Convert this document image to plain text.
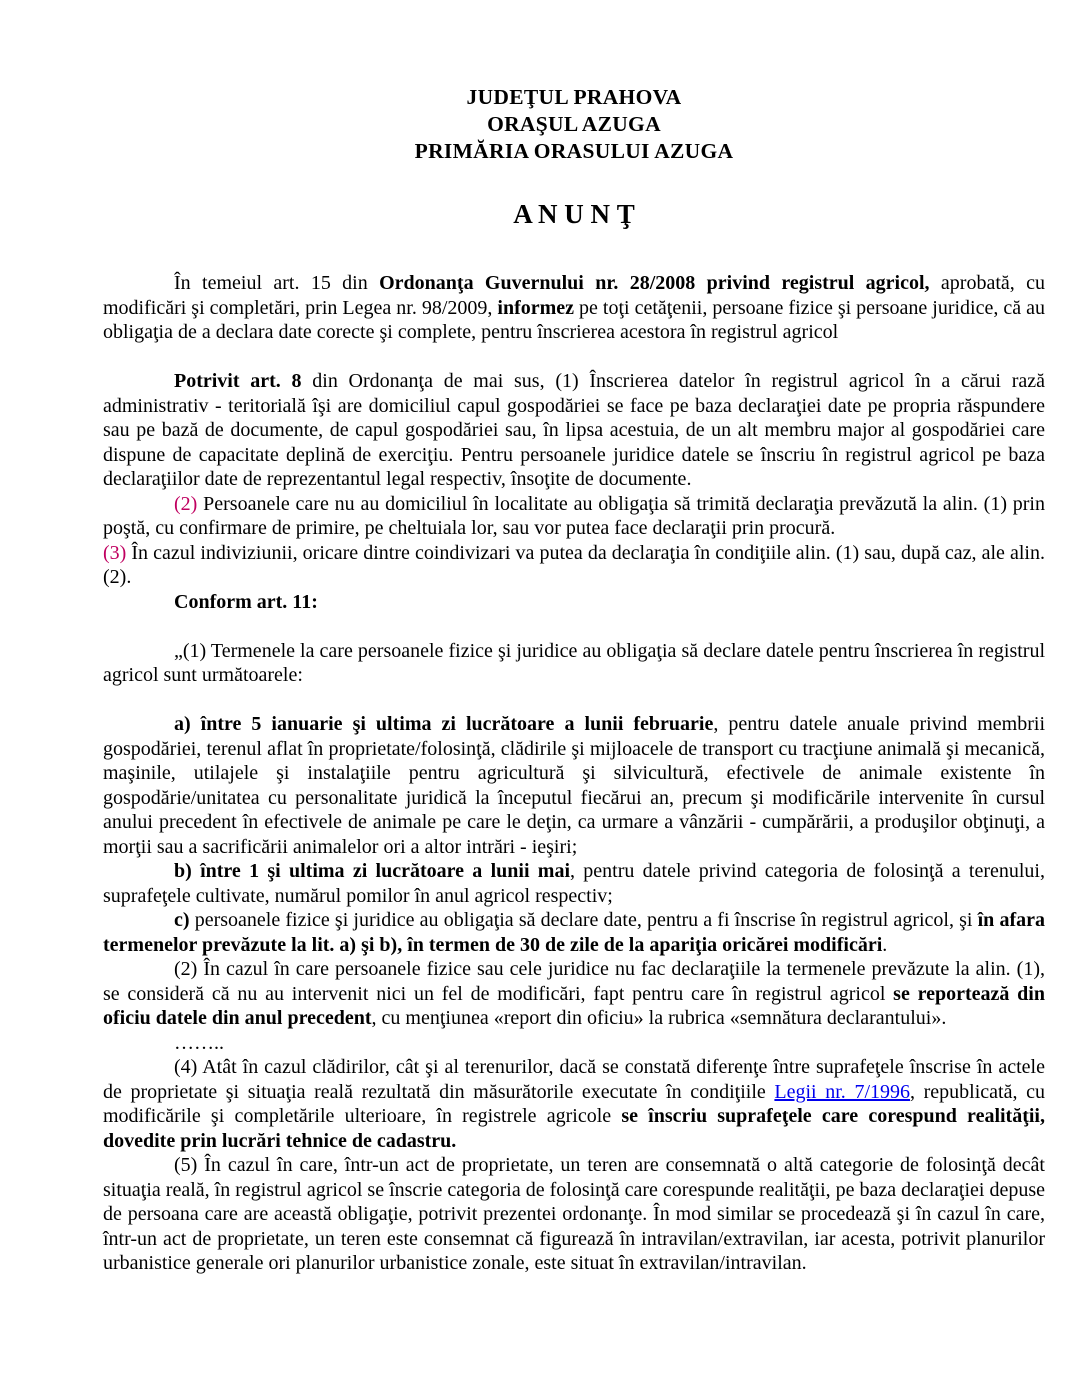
JUDEŢUL PRAHOVA
ORAŞUL AZUGA
PRIMĂRIA ORASULUI AZUGA
A N U N Ţ

În temeiul art. 15 din Ordonanţa Guvernului nr. 28/2008 privind registrul agricol, aprobată, cu modificări şi completări, prin Legea nr. 98/2009, informez pe toţi cetăţenii, persoane fizice şi persoane juridice, că au obligaţia de a declara date corecte şi complete, pentru înscrierea acestora în registrul agricol

Potrivit art. 8 din Ordonanţa de mai sus, (1) Înscrierea datelor în registrul agricol în a cărui rază administrativ - teritorială îşi are domiciliul capul gospodăriei se face pe baza declaraţiei date pe propria răspundere sau pe bază de documente, de capul gospodăriei sau, în lipsa acestuia, de un alt membru major al gospodăriei care dispune de capacitate deplină de exerciţiu. Pentru persoanele juridice datele se înscriu în registrul agricol pe baza declaraţiilor date de reprezentantul legal respectiv, însoţite de documente.

(2) Persoanele care nu au domiciliul în localitate au obligaţia să trimită declaraţia prevăzută la alin. (1) prin poştă, cu confirmare de primire, pe cheltuiala lor, sau vor putea face declaraţii prin procură.

(3) În cazul indiviziunii, oricare dintre coindivizari va putea da declaraţia în condiţiile alin. (1) sau, după caz, ale alin. (2).

Conform art. 11:

„(1) Termenele la care persoanele fizice şi juridice au obligaţia să declare datele pentru înscrierea în registrul agricol sunt următoarele:

a) între 5 ianuarie şi ultima zi lucrătoare a lunii februarie, pentru datele anuale privind membrii gospodăriei, terenul aflat în proprietate/folosinţă, clădirile şi mijloacele de transport cu tracţiune animală şi mecanică, maşinile, utilajele şi instalaţiile pentru agricultură şi silvicultură, efectivele de animale existente în gospodărie/unitatea cu personalitate juridică la începutul fiecărui an, precum şi modificările intervenite în cursul anului precedent în efectivele de animale pe care le deţin, ca urmare a vânzării - cumpărării, a produşilor obţinuţi, a morţii sau a sacrificării animalelor ori a altor intrări - ieşiri;

b) între 1 şi ultima zi lucrătoare a lunii mai, pentru datele privind categoria de folosinţă a terenului, suprafeţele cultivate, numărul pomilor în anul agricol respectiv;

c) persoanele fizice şi juridice au obligaţia să declare date, pentru a fi înscrise în registrul agricol, şi în afara termenelor prevăzute la lit. a) şi b), în termen de 30 de zile de la apariţia oricărei modificări.

(2) În cazul în care persoanele fizice sau cele juridice nu fac declaraţiile la termenele prevăzute la alin. (1), se consideră că nu au intervenit nici un fel de modificări, fapt pentru care în registrul agricol se reportează din oficiu datele din anul precedent, cu menţiunea «report din oficiu» la rubrica «semnătura declarantului».

……..

(4) Atât în cazul clădirilor, cât şi al terenurilor, dacă se constată diferenţe între suprafeţele înscrise în actele de proprietate şi situaţia reală rezultată din măsurătorile executate în condiţiile Legii nr. 7/1996, republicată, cu modificările şi completările ulterioare, în registrele agricole se înscriu suprafeţele care corespund realităţii, dovedite prin lucrări tehnice de cadastru.

(5) În cazul în care, într-un act de proprietate, un teren are consemnată o altă categorie de folosinţă decât situaţia reală, în registrul agricol se înscrie categoria de folosinţă care corespunde realităţii, pe baza declaraţiei depuse de persoana care are această obligaţie, potrivit prezentei ordonanţe. În mod similar se procedează şi în cazul în care, într-un act de proprietate, un teren este consemnat că figurează în intravilan/extravilan, iar acesta, potrivit planurilor urbanistice generale ori planurilor urbanistice zonale, este situat în extravilan/intravilan.
